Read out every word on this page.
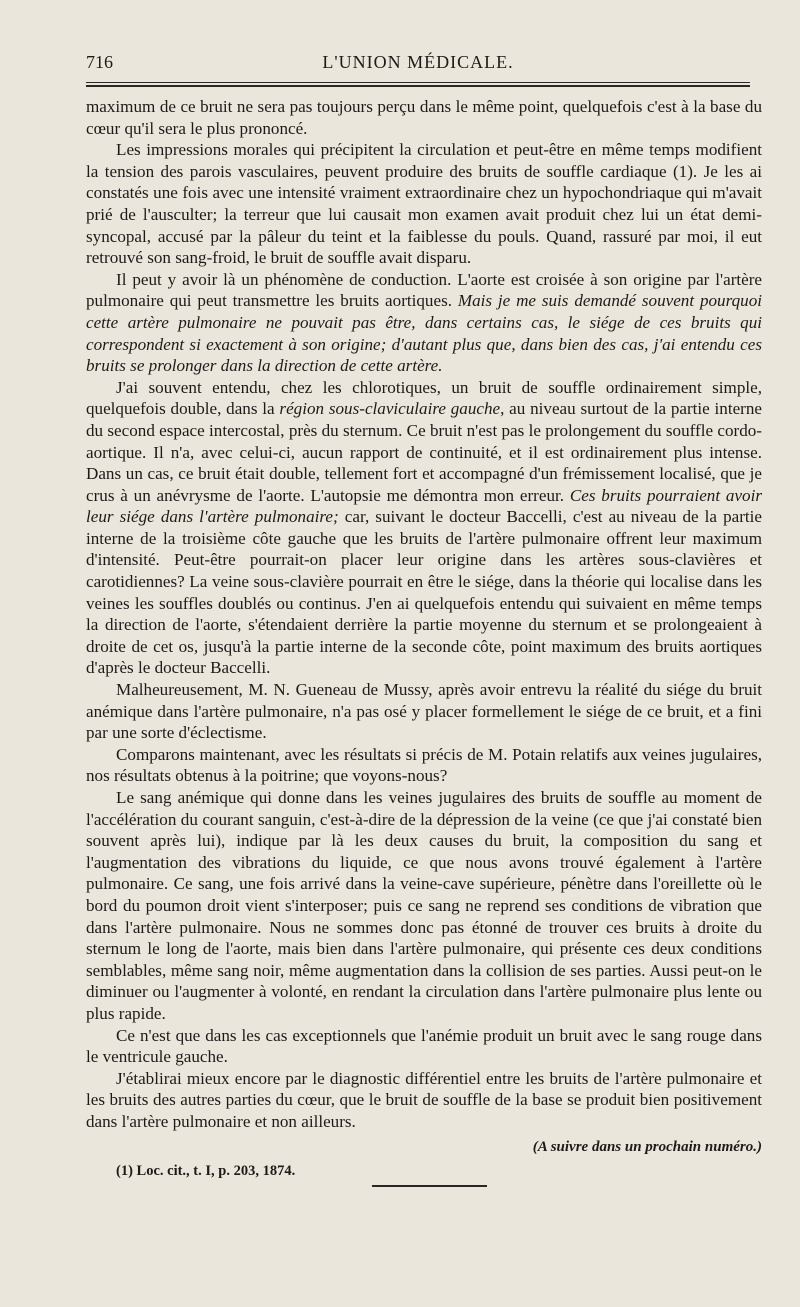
716	L'UNION MÉDICALE.

maximum de ce bruit ne sera pas toujours perçu dans le même point, quelquefois c'est à la base du cœur qu'il sera le plus prononcé.

Les impressions morales qui précipitent la circulation et peut-être en même temps modifient la tension des parois vasculaires, peuvent produire des bruits de souffle cardiaque (1). Je les ai constatés une fois avec une intensité vraiment extraordinaire chez un hypochondriaque qui m'avait prié de l'ausculter; la terreur que lui causait mon examen avait produit chez lui un état demi-syncopal, accusé par la pâleur du teint et la faiblesse du pouls. Quand, rassuré par moi, il eut retrouvé son sang-froid, le bruit de souffle avait disparu.

Il peut y avoir là un phénomène de conduction. L'aorte est croisée à son origine par l'artère pulmonaire qui peut transmettre les bruits aortiques. Mais je me suis demandé souvent pourquoi cette artère pulmonaire ne pouvait pas être, dans certains cas, le siége de ces bruits qui correspondent si exactement à son origine; d'autant plus que, dans bien des cas, j'ai entendu ces bruits se prolonger dans la direction de cette artère.

J'ai souvent entendu, chez les chlorotiques, un bruit de souffle ordinairement simple, quelquefois double, dans la région sous-claviculaire gauche, au niveau surtout de la partie interne du second espace intercostal, près du sternum. Ce bruit n'est pas le prolongement du souffle cordo-aortique. Il n'a, avec celui-ci, aucun rapport de continuité, et il est ordinairement plus intense. Dans un cas, ce bruit était double, tellement fort et accompagné d'un frémissement localisé, que je crus à un anévrysme de l'aorte. L'autopsie me démontra mon erreur. Ces bruits pourraient avoir leur siége dans l'artère pulmonaire; car, suivant le docteur Baccelli, c'est au niveau de la partie interne de la troisième côte gauche que les bruits de l'artère pulmonaire offrent leur maximum d'intensité. Peut-être pourrait-on placer leur origine dans les artères sous-clavières et carotidiennes? La veine sous-clavière pourrait en être le siége, dans la théorie qui localise dans les veines les souffles doublés ou continus. J'en ai quelquefois entendu qui suivaient en même temps la direction de l'aorte, s'étendaient derrière la partie moyenne du sternum et se prolongeaient à droite de cet os, jusqu'à la partie interne de la seconde côte, point maximum des bruits aortiques d'après le docteur Baccelli.

Malheureusement, M. N. Gueneau de Mussy, après avoir entrevu la réalité du siége du bruit anémique dans l'artère pulmonaire, n'a pas osé y placer formellement le siége de ce bruit, et a fini par une sorte d'éclectisme.

Comparons maintenant, avec les résultats si précis de M. Potain relatifs aux veines jugulaires, nos résultats obtenus à la poitrine; que voyons-nous?

Le sang anémique qui donne dans les veines jugulaires des bruits de souffle au moment de l'accélération du courant sanguin, c'est-à-dire de la dépression de la veine (ce que j'ai constaté bien souvent après lui), indique par là les deux causes du bruit, la composition du sang et l'augmentation des vibrations du liquide, ce que nous avons trouvé également à l'artère pulmonaire. Ce sang, une fois arrivé dans la veine-cave supérieure, pénètre dans l'oreillette où le bord du poumon droit vient s'interposer; puis ce sang ne reprend ses conditions de vibration que dans l'artère pulmonaire. Nous ne sommes donc pas étonné de trouver ces bruits à droite du sternum le long de l'aorte, mais bien dans l'artère pulmonaire, qui présente ces deux conditions semblables, même sang noir, même augmentation dans la collision de ses parties. Aussi peut-on le diminuer ou l'augmenter à volonté, en rendant la circulation dans l'artère pulmonaire plus lente ou plus rapide.

Ce n'est que dans les cas exceptionnels que l'anémie produit un bruit avec le sang rouge dans le ventricule gauche.

J'établirai mieux encore par le diagnostic différentiel entre les bruits de l'artère pulmonaire et les bruits des autres parties du cœur, que le bruit de souffle de la base se produit bien positivement dans l'artère pulmonaire et non ailleurs.

(A suivre dans un prochain numéro.)

(1) Loc. cit., t. I, p. 203, 1874.
